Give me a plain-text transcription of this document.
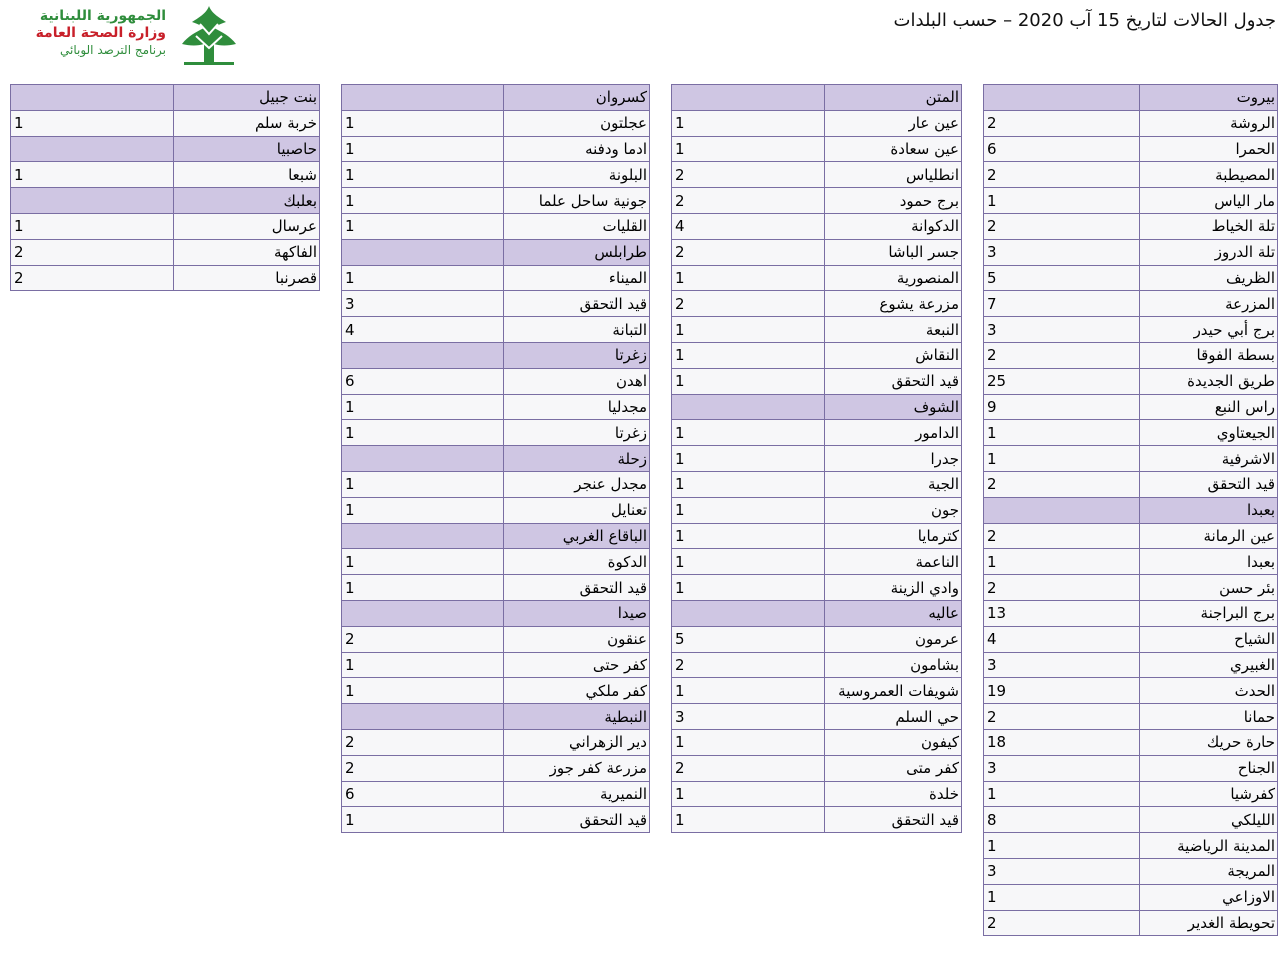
جدول الحالات لتاريخ 15 آب 2020 – حسب البلدات
الجمهورية اللبنانية
وزارة الصحة العامة
برنامج الترصد الوبائي
بيروت	
الروشة	2
الحمرا	6
المصيطبة	2
مار الياس	1
تلة الخياط	2
تلة الدروز	3
الظريف	5
المزرعة	7
برج أبي حيدر	3
بسطة الفوقا	2
طريق الجديدة	25
راس النبع	9
الجيعتاوي	1
الاشرفية	1
قيد التحقق	2
بعبدا	
عين الرمانة	2
بعبدا	1
بئر حسن	2
برج البراجنة	13
الشياح	4
الغبيري	3
الحدث	19
حمانا	2
حارة حريك	18
الجناح	3
كفرشيا	1
الليلكي	8
المدينة الرياضية	1
المريجة	3
الاوزاعي	1
تحويطة الغدير	2
المتن	
عين عار	1
عين سعادة	1
انطلياس	2
برج حمود	2
الدكوانة	4
جسر الباشا	2
المنصورية	1
مزرعة يشوع	2
النبعة	1
النقاش	1
قيد التحقق	1
الشوف	
الدامور	1
جدرا	1
الجية	1
جون	1
كترمايا	1
الناعمة	1
وادي الزينة	1
عاليه	
عرمون	5
بشامون	2
شويفات العمروسية	1
حي السلم	3
كيفون	1
كفر متى	2
خلدة	1
قيد التحقق	1
كسروان	
عجلتون	1
ادما ودفنه	1
البلونة	1
جونية ساحل علما	1
القليات	1
طرابلس	
الميناء	1
قيد التحقق	3
التبانة	4
زغرتا	
اهدن	6
مجدليا	1
زغرتا	1
زحلة	
مجدل عنجر	1
تعنايل	1
الباقاع الغربي	
الدكوة	1
قيد التحقق	1
صيدا	
عنقون	2
كفر حتى	1
كفر ملكي	1
النبطية	
دير الزهراني	2
مزرعة كفر جوز	2
النميرية	6
قيد التحقق	1
بنت جبيل	
خربة سلم	1
حاصبيا	
شبعا	1
بعلبك	
عرسال	1
الفاكهة	2
قصرنبا	2
